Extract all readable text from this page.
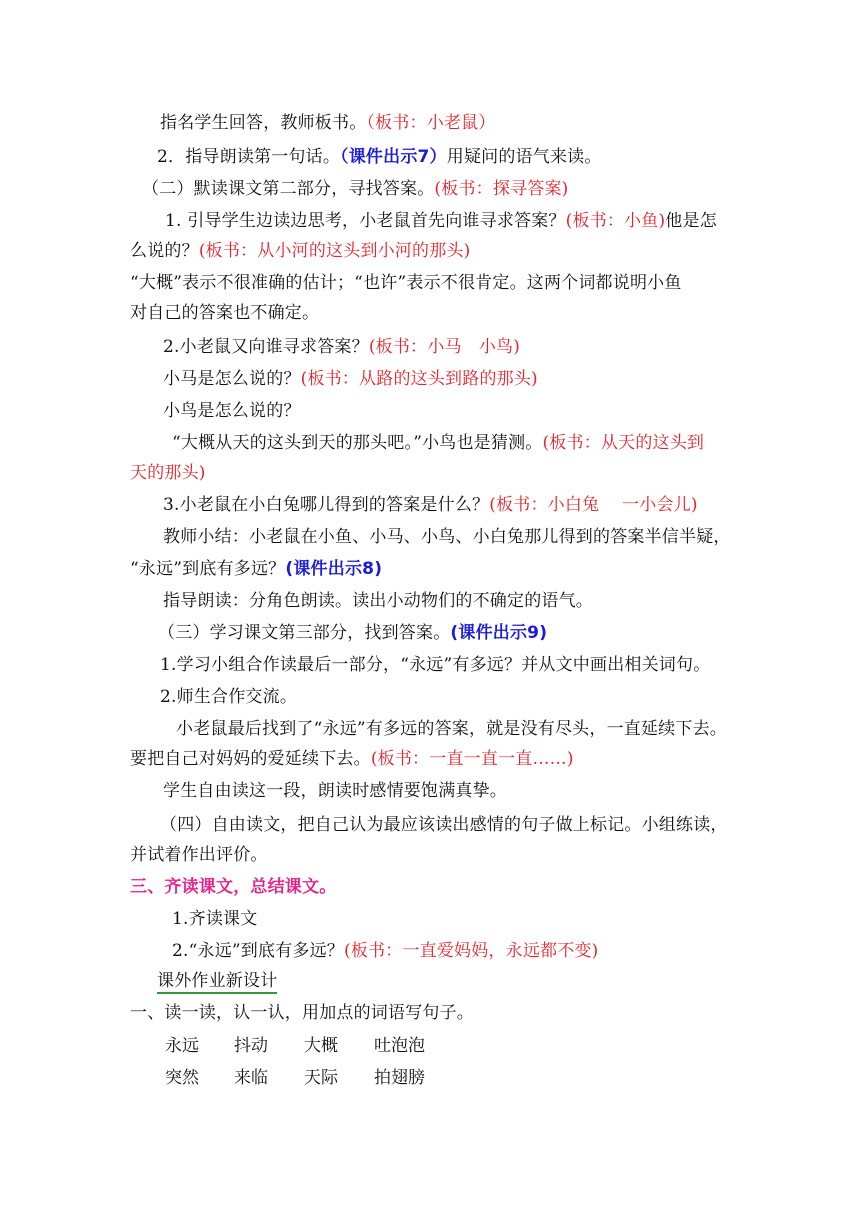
指名学生回答，教师板书。（板书：小老鼠）
2．指导朗读第一句话。（课件出示7）用疑问的语气来读。
（二）默读课文第二部分，寻找答案。(板书：探寻答案)
1. 引导学生边读边思考，小老鼠首先向谁寻求答案？(板书：小鱼)他是怎
么说的？(板书：从小河的这头到小河的那头)
“大概”表示不很准确的估计；“也许”表示不很肯定。这两个词都说明小鱼
对自己的答案也不确定。
2.小老鼠又向谁寻求答案？(板书：小马　小鸟)
小马是怎么说的？(板书：从路的这头到路的那头)
小鸟是怎么说的？
“大概从天的这头到天的那头吧。”小鸟也是猜测。(板书：从天的这头到
天的那头)
3.小老鼠在小白兔哪儿得到的答案是什么？(板书：小白兔　 一小会儿)
教师小结：小老鼠在小鱼、小马、小鸟、小白兔那儿得到的答案半信半疑，
“永远”到底有多远？(课件出示8)
指导朗读：分角色朗读。读出小动物们的不确定的语气。
（三）学习课文第三部分，找到答案。(课件出示9)
1.学习小组合作读最后一部分，“永远”有多远？并从文中画出相关词句。
2.师生合作交流。
小老鼠最后找到了“永远”有多远的答案，就是没有尽头，一直延续下去。
要把自己对妈妈的爱延续下去。(板书：一直一直一直……)
学生自由读这一段，朗读时感情要饱满真挚。
（四）自由读文，把自己认为最应该读出感情的句子做上标记。小组练读，
并试着作出评价。
三、齐读课文，总结课文。
1.齐读课文
2.“永远”到底有多远？(板书：一直爱妈妈，永远都不变)
课外作业新设计
一、读一读，认一认，用加点的词语写句子。
永远 抖动 大概 吐泡泡
突然 来临 天际 拍翅膀
